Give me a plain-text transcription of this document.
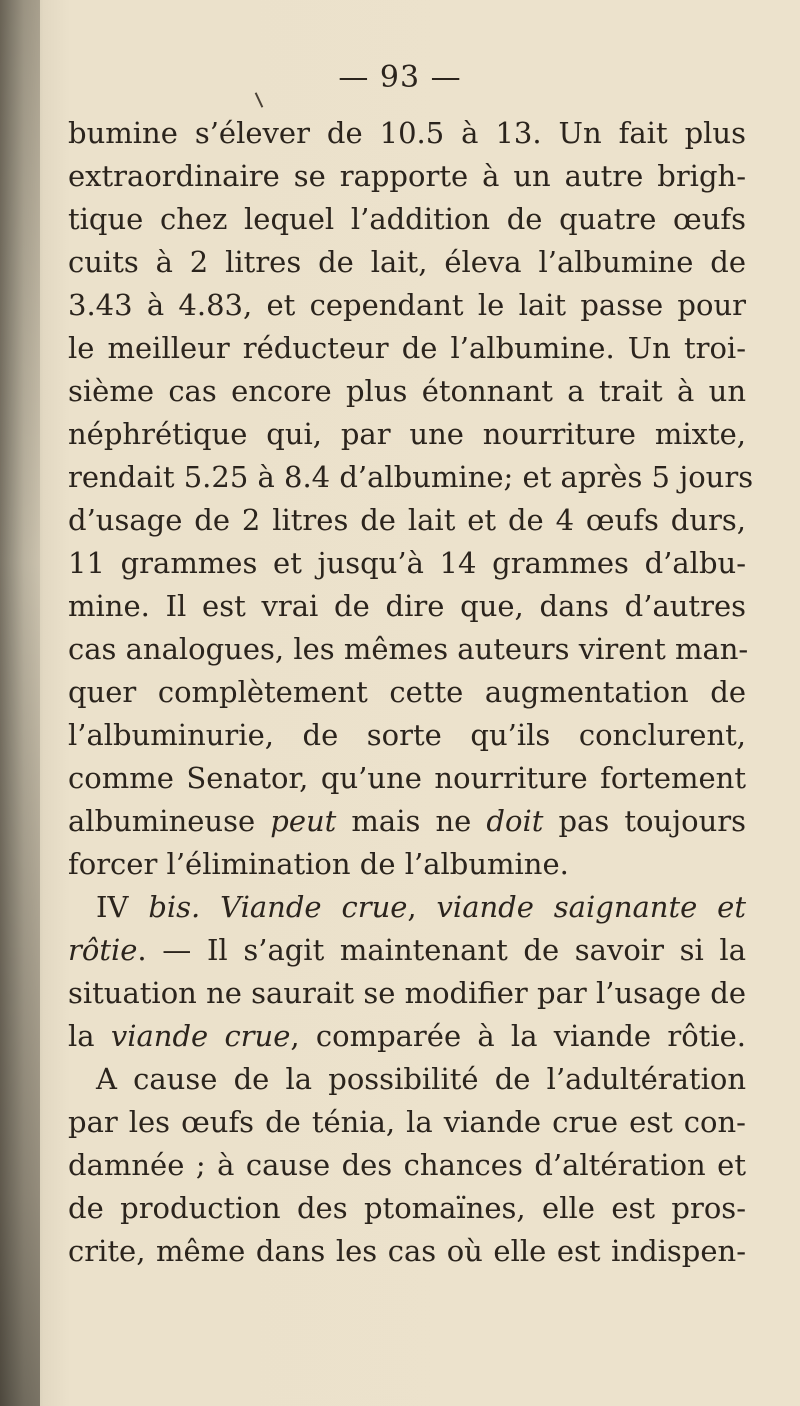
— 93 —
bumine s’élever de 10.5 à 13. Un fait plus
extraordinaire se rapporte à un autre brigh-
tique chez lequel l’addition de quatre œufs
cuits à 2 litres de lait, éleva l’albumine de
3.43 à 4.83, et cependant le lait passe pour
le meilleur réducteur de l’albumine. Un troi-
sième cas encore plus étonnant a trait à un
néphrétique qui, par une nourriture mixte,
rendait 5.25 à 8.4 d’albumine; et après 5 jours
d’usage de 2 litres de lait et de 4 œufs durs,
11 grammes et jusqu’à 14 grammes d’albu-
mine. Il est vrai de dire que, dans d’autres
cas analogues, les mêmes auteurs virent man-
quer complètement cette augmentation de
l’albuminurie, de sorte qu’ils conclurent,
comme Senator, qu’une nourriture fortement
albumineuse peut mais ne doit pas toujours
forcer l’élimination de l’albumine.
IV bis. Viande crue, viande saignante et
rôtie. — Il s’agit maintenant de savoir si la
situation ne saurait se modifier par l’usage de
la viande crue, comparée à la viande rôtie.
A cause de la possibilité de l’adultération
par les œufs de ténia, la viande crue est con-
damnée ; à cause des chances d’altération et
de production des ptomaïnes, elle est pros-
crite, même dans les cas où elle est indispen-
